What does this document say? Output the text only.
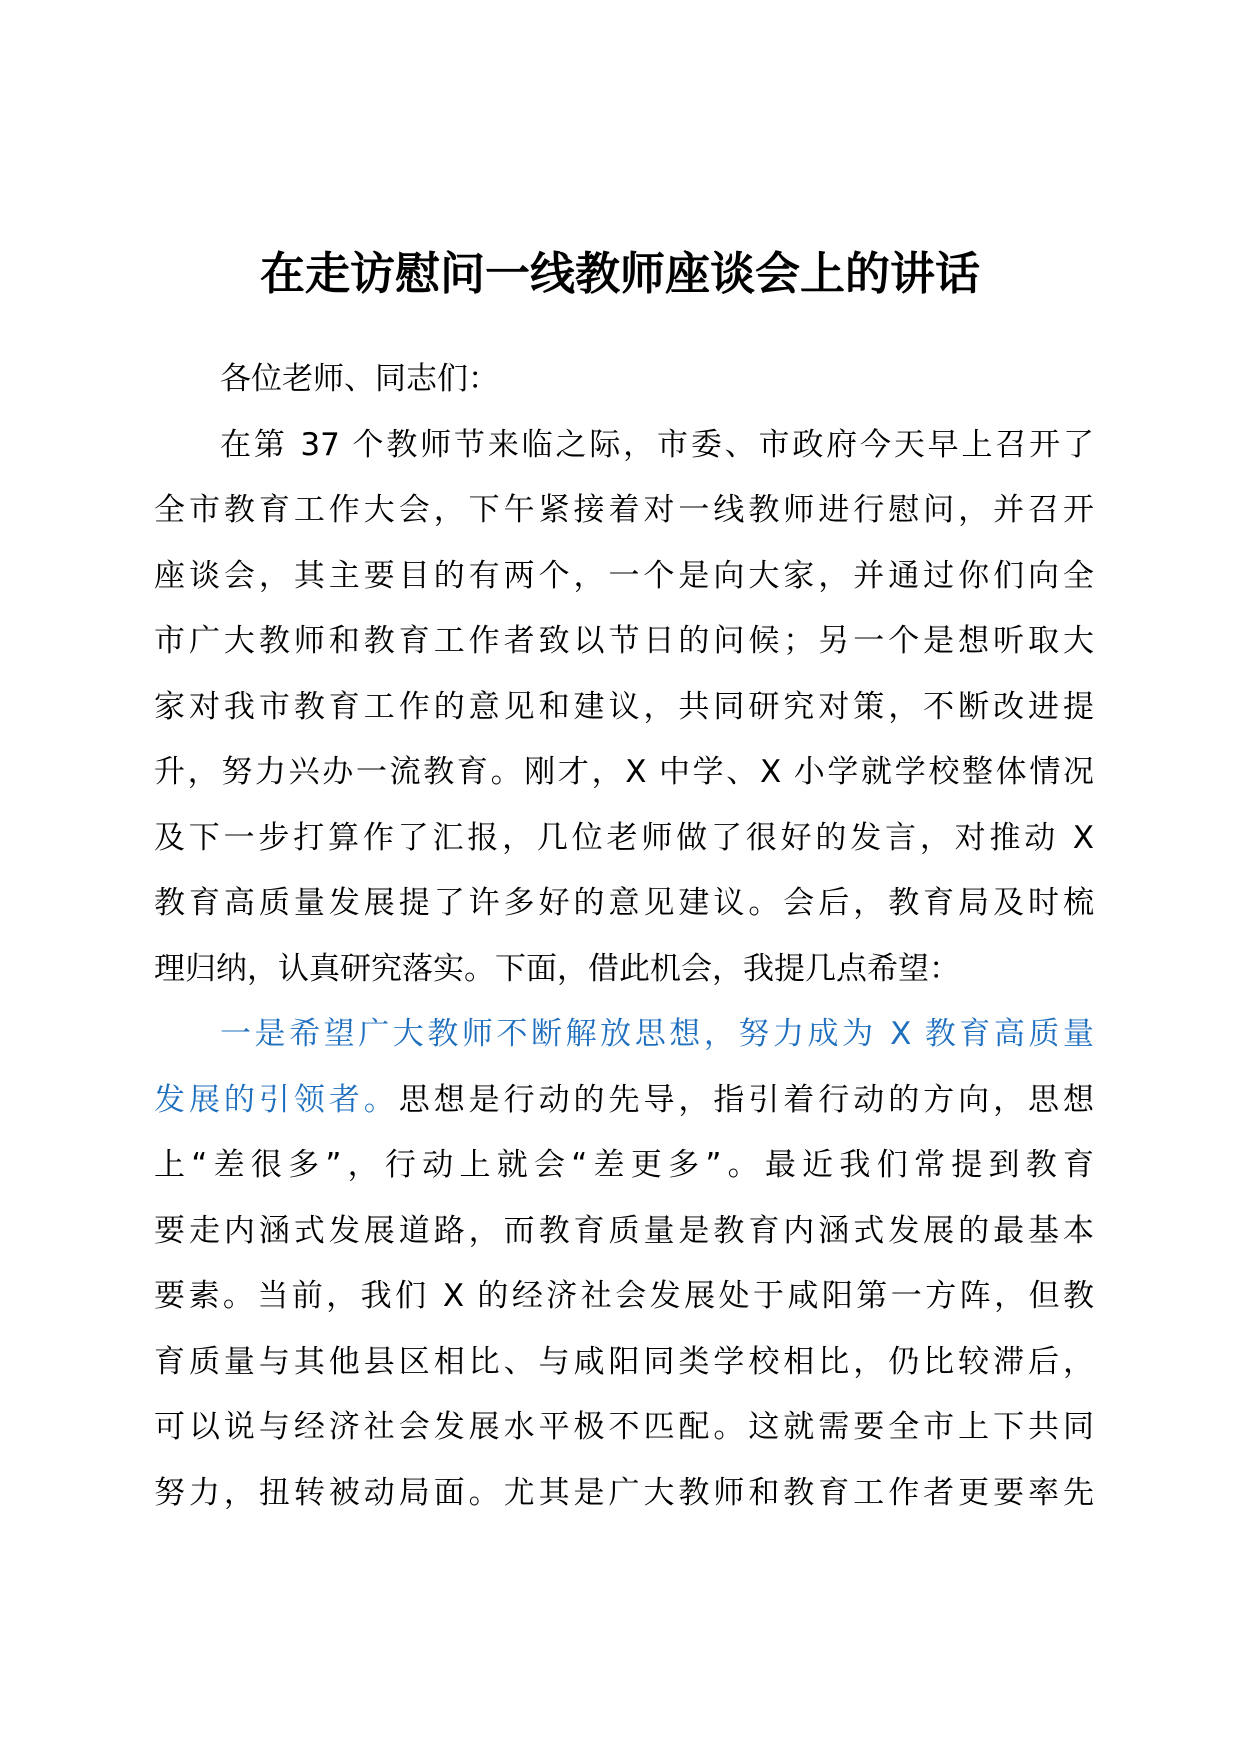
在走访慰问一线教师座谈会上的讲话
各位老师、同志们：
在第 37 个教师节来临之际，市委、市政府今天早上召开了
全市教育工作大会，下午紧接着对一线教师进行慰问，并召开
座谈会，其主要目的有两个，一个是向大家，并通过你们向全
市广大教师和教育工作者致以节日的问候；另一个是想听取大
家对我市教育工作的意见和建议，共同研究对策，不断改进提
升，努力兴办一流教育。刚才，X 中学、X 小学就学校整体情况
及下一步打算作了汇报，几位老师做了很好的发言，对推动 X
教育高质量发展提了许多好的意见建议。会后，教育局及时梳
理归纳，认真研究落实。下面，借此机会，我提几点希望：
一是希望广大教师不断解放思想，努力成为 X 教育高质量
发展的引领者。思想是行动的先导，指引着行动的方向，思想
上“差很多”，行动上就会“差更多”。最近我们常提到教育
要走内涵式发展道路，而教育质量是教育内涵式发展的最基本
要素。当前，我们 X 的经济社会发展处于咸阳第一方阵，但教
育质量与其他县区相比、与咸阳同类学校相比，仍比较滞后，
可以说与经济社会发展水平极不匹配。这就需要全市上下共同
努力，扭转被动局面。尤其是广大教师和教育工作者更要率先
